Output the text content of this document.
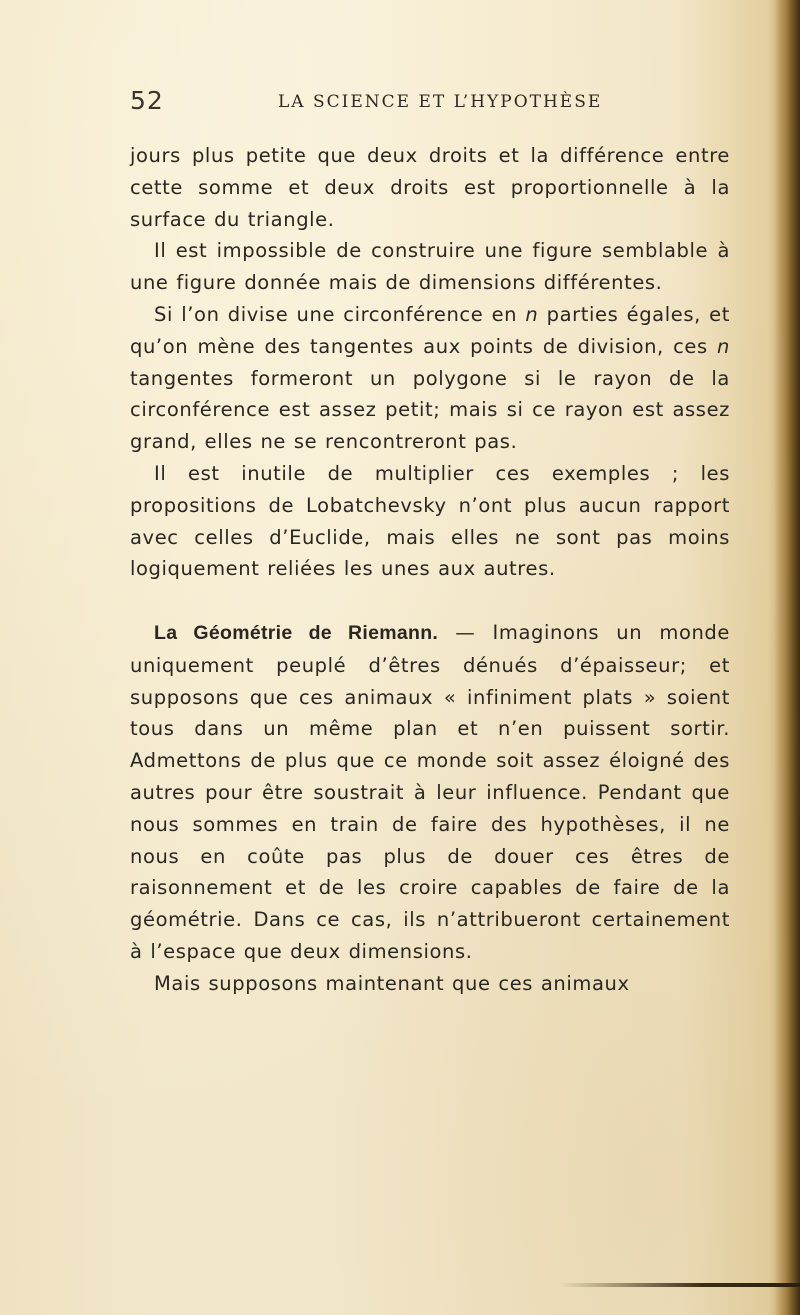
52	LA SCIENCE ET L’HYPOTHÈSE

jours plus petite que deux droits et la différence entre cette somme et deux droits est proportionnelle à la surface du triangle.

Il est impossible de construire une figure semblable à une figure donnée mais de dimensions différentes.

Si l’on divise une circonférence en n parties égales, et qu’on mène des tangentes aux points de division, ces n tangentes formeront un polygone si le rayon de la circonférence est assez petit; mais si ce rayon est assez grand, elles ne se rencontreront pas.

Il est inutile de multiplier ces exemples ; les propositions de Lobatchevsky n’ont plus aucun rapport avec celles d’Euclide, mais elles ne sont pas moins logiquement reliées les unes aux autres.

La Géométrie de Riemann. — Imaginons un monde uniquement peuplé d’êtres dénués d’épaisseur; et supposons que ces animaux « infiniment plats » soient tous dans un même plan et n’en puissent sortir. Admettons de plus que ce monde soit assez éloigné des autres pour être soustrait à leur influence. Pendant que nous sommes en train de faire des hypothèses, il ne nous en coûte pas plus de douer ces êtres de raisonnement et de les croire capables de faire de la géométrie. Dans ce cas, ils n’attribueront certainement à l’espace que deux dimensions.

Mais supposons maintenant que ces animaux
